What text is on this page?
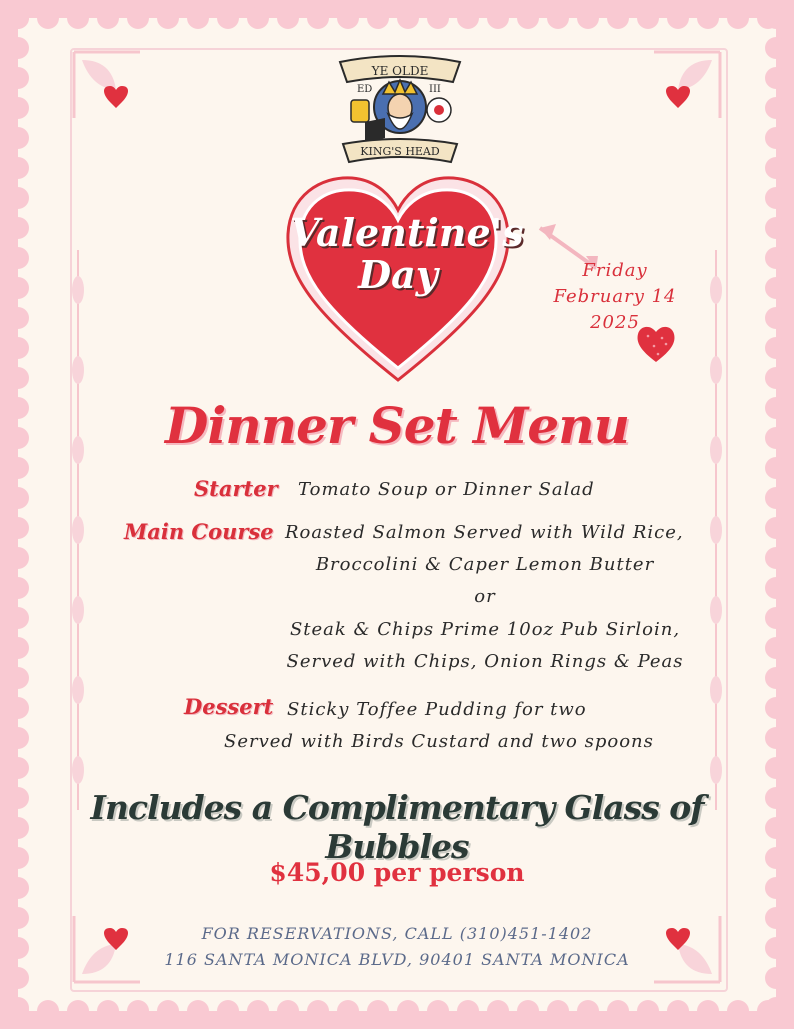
YE OLDE
ED	III
KING'S HEAD
Valentine's
Day	Friday
February 14
2025
Dinner Set Menu
Starter Tomato Soup or Dinner Salad
Main Course Roasted Salmon Served with Wild Rice,
Broccolini & Caper Lemon Butter
or
Steak & Chips Prime 10oz Pub Sirloin,
Served with Chips, Onion Rings & Peas
Dessert Sticky Toffee Pudding for two
Served with Birds Custard and two spoons
Includes a Complimentary Glass of Bubbles
$45,00 per person
FOR RESERVATIONS, CALL (310)451-1402
116 SANTA MONICA BLVD, 90401 SANTA MONICA
